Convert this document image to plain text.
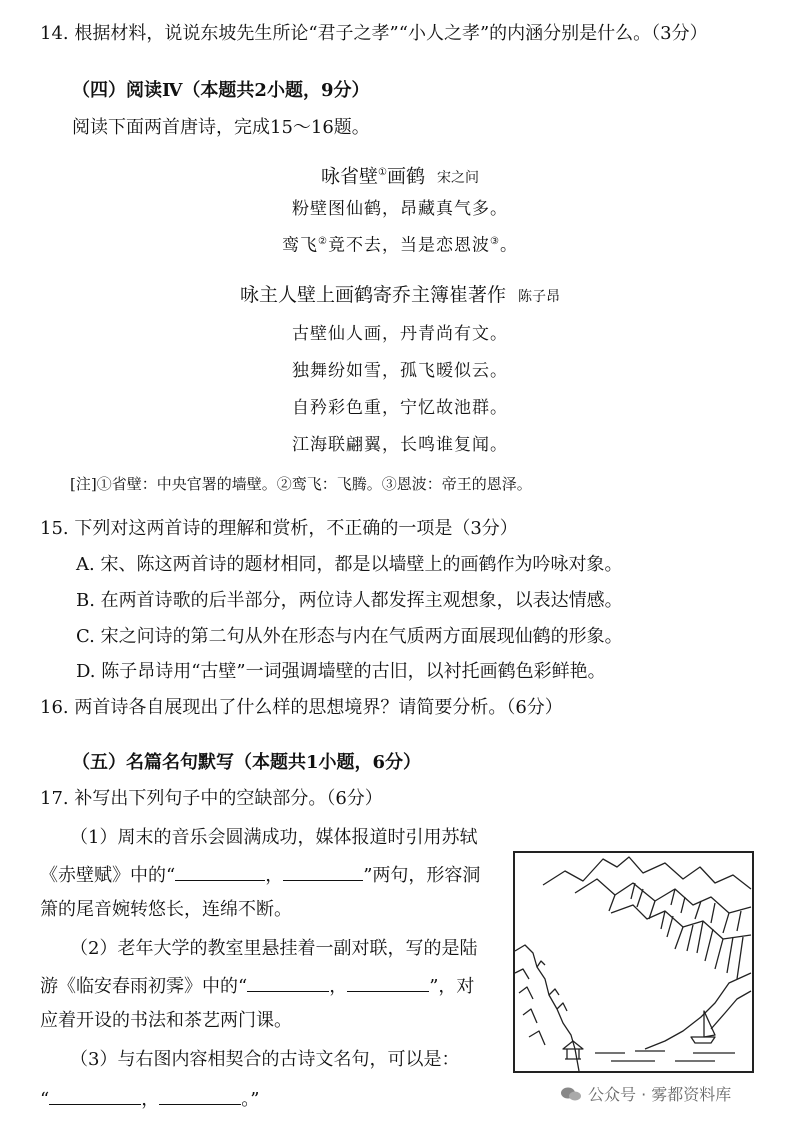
14. 根据材料，说说东坡先生所论“君子之孝”“小人之孝”的内涵分别是什么。（3分）
（四）阅读Ⅳ（本题共2小题，9分）
阅读下面两首唐诗，完成15～16题。
咏省壁①画鹤 宋之问
粉壁图仙鹤，昂藏真气多。
鸾飞②竟不去，当是恋恩波③。
咏主人壁上画鹤寄乔主簿崔著作 陈子昂
古壁仙人画，丹青尚有文。
独舞纷如雪，孤飞暧似云。
自矜彩色重，宁忆故池群。
江海联翩翼，长鸣谁复闻。
[注]①省壁：中央官署的墙壁。②鸾飞：飞腾。③恩波：帝王的恩泽。
15. 下列对这两首诗的理解和赏析，不正确的一项是（3分）
A. 宋、陈这两首诗的题材相同，都是以墙壁上的画鹤作为吟咏对象。
B. 在两首诗歌的后半部分，两位诗人都发挥主观想象，以表达情感。
C. 宋之问诗的第二句从外在形态与内在气质两方面展现仙鹤的形象。
D. 陈子昂诗用“古壁”一词强调墙壁的古旧，以衬托画鹤色彩鲜艳。
16. 两首诗各自展现出了什么样的思想境界？请简要分析。（6分）
（五）名篇名句默写（本题共1小题，6分）
17. 补写出下列句子中的空缺部分。（6分）
（1）周末的音乐会圆满成功，媒体报道时引用苏轼
《赤壁赋》中的“	，	”两句，形容洞
箫的尾音婉转悠长，连绵不断。
（2）老年大学的教室里悬挂着一副对联，写的是陆
游《临安春雨初霁》中的“	，	”，对
应着开设的书法和茶艺两门课。
（3）与右图内容相契合的古诗文名句，可以是：
“	，	。”	公众号 · 雾都资料库
